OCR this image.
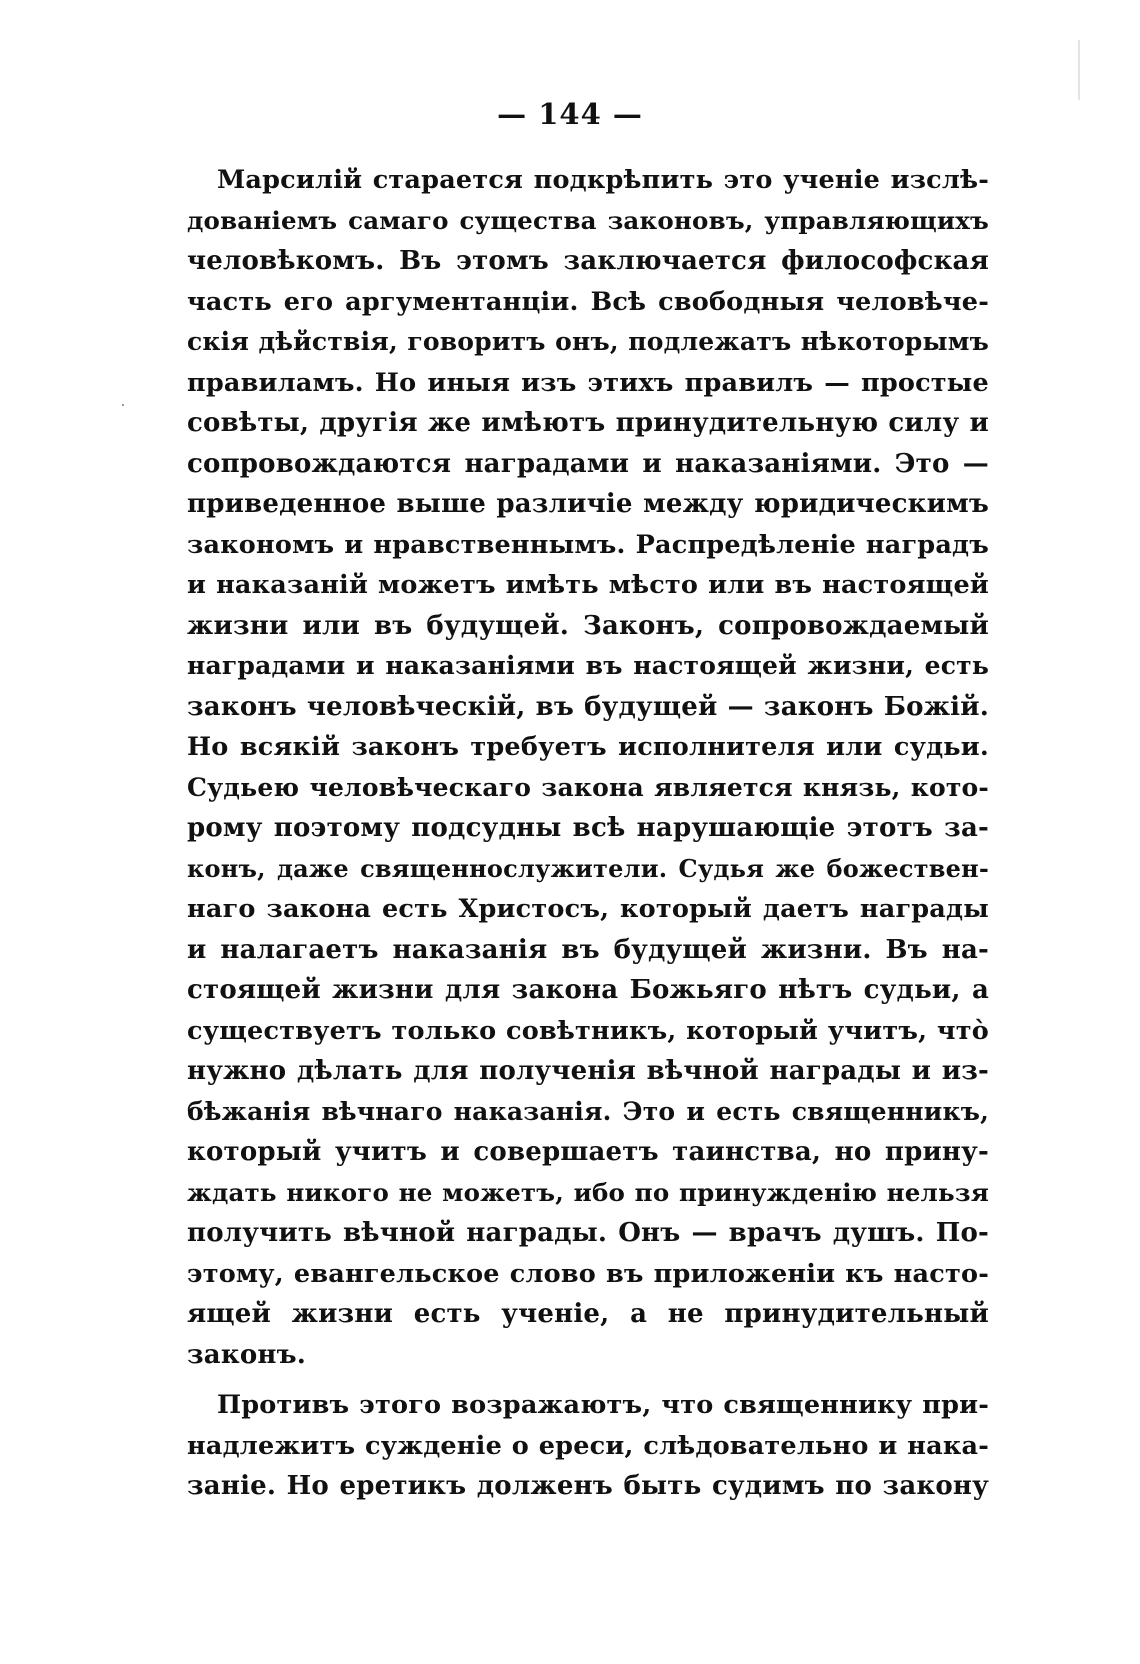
— 144 —
Марсилій старается подкрѣпить это ученіе изслѣ-
дованіемъ самаго существа законовъ, управляющихъ
человѣкомъ. Въ этомъ заключается философская
часть его аргументанціи. Всѣ свободныя человѣче-
скія дѣйствія, говоритъ онъ, подлежатъ нѣкоторымъ
правиламъ. Но иныя изъ этихъ правилъ — простые
совѣты, другія же имѣютъ принудительную силу и
сопровождаются наградами и наказаніями. Это —
приведенное выше различіе между юридическимъ
закономъ и нравственнымъ. Распредѣленіе наградъ
и наказаній можетъ имѣть мѣсто или въ настоящей
жизни или въ будущей. Законъ, сопровождаемый
наградами и наказаніями въ настоящей жизни, есть
законъ человѣческій, въ будущей — законъ Божій.
Но всякій законъ требуетъ исполнителя или судьи.
Судьею человѣческаго закона является князь, кото-
рому поэтому подсудны всѣ нарушающіе этотъ за-
конъ, даже священнослужители. Судья же божествен-
наго закона есть Христосъ, который даетъ награды
и налагаетъ наказанія въ будущей жизни. Въ на-
стоящей жизни для закона Божьяго нѣтъ судьи, а
существуетъ только совѣтникъ, который учитъ, чтò
нужно дѣлать для полученія вѣчной награды и из-
бѣжанія вѣчнаго наказанія. Это и есть священникъ,
который учитъ и совершаетъ таинства, но прину-
ждать никого не можетъ, ибо по принужденію нельзя
получить вѣчной награды. Онъ — врачъ душъ. По-
этому, евангельское слово въ приложеніи къ насто-
ящей жизни есть ученіе, а не принудительный
законъ.
Противъ этого возражаютъ, что священнику при-
надлежитъ сужденіе о ереси, слѣдовательно и нака-
заніе. Но еретикъ долженъ быть судимъ по закону
